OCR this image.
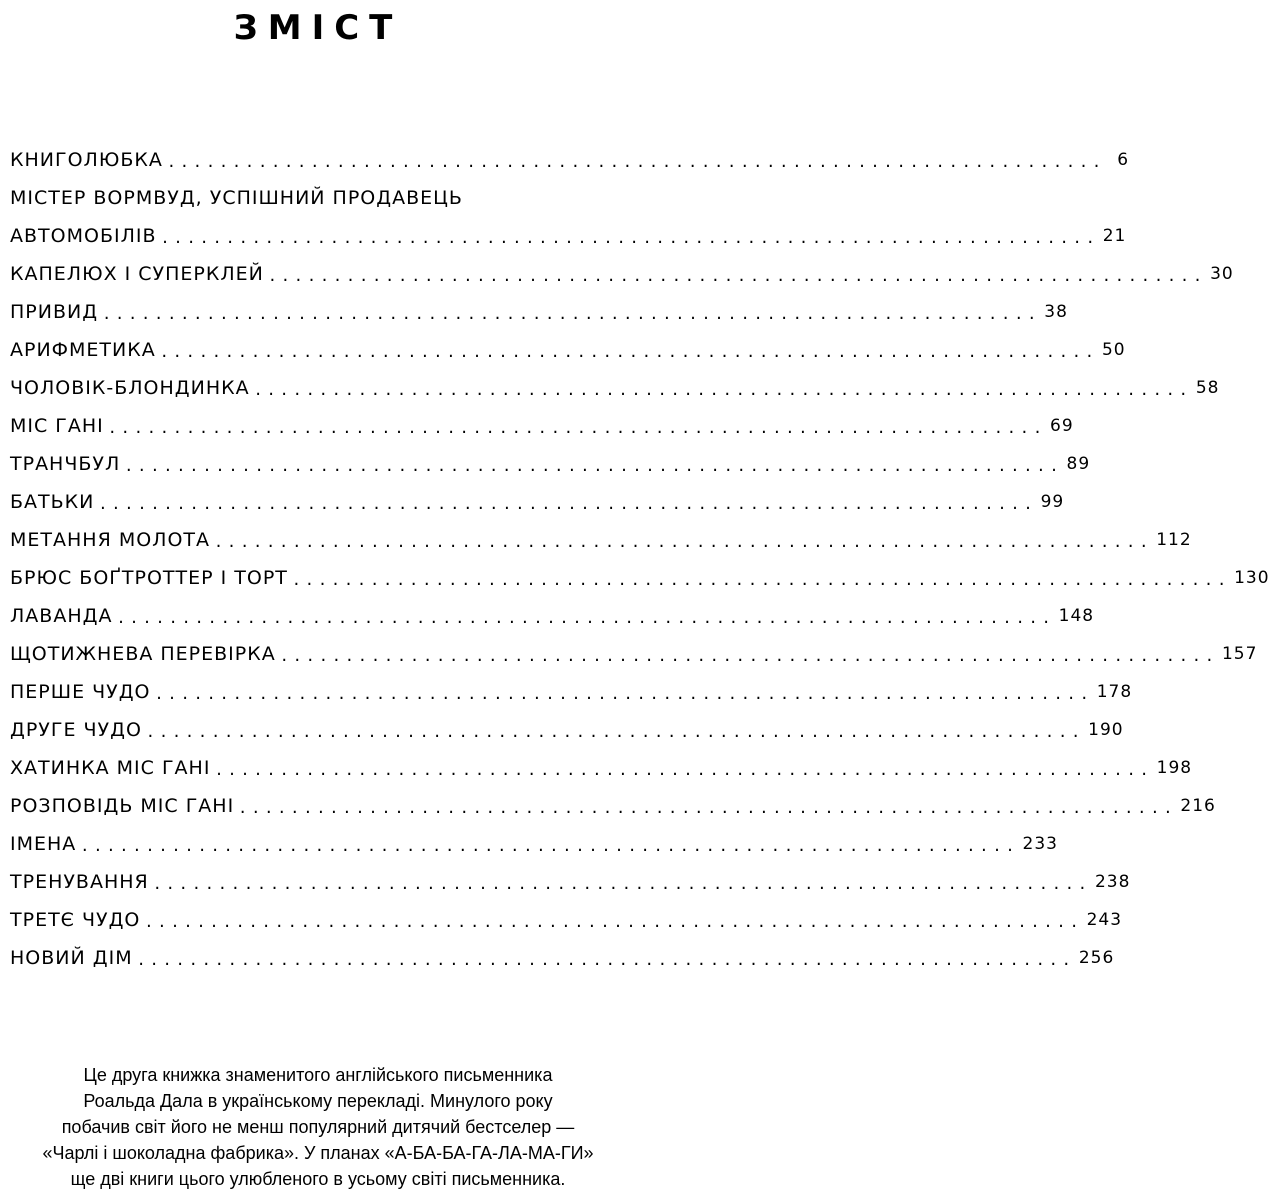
ЗМІСТ
КНИГОЛЮБКА ........................................................................ 6
МІСТЕР ВОРМВУД, УСПІШНИЙ ПРОДАВЕЦЬ
АВТОМОБІЛІВ ........................................................................ 21
КАПЕЛЮХ І СУПЕРКЛЕЙ ........................................................................ 30
ПРИВИД ........................................................................ 38
АРИФМЕТИКА ........................................................................ 50
ЧОЛОВІК-БЛОНДИНКА ........................................................................ 58
МІС ГАНІ ........................................................................ 69
ТРАНЧБУЛ ........................................................................ 89
БАТЬКИ ........................................................................ 99
МЕТАННЯ МОЛОТА ........................................................................ 112
БРЮС БОҐТРОТТЕР І ТОРТ ........................................................................ 130
ЛАВАНДА ........................................................................ 148
ЩОТИЖНЕВА ПЕРЕВІРКА ........................................................................ 157
ПЕРШЕ ЧУДО ........................................................................ 178
ДРУГЕ ЧУДО ........................................................................ 190
ХАТИНКА МІС ГАНІ ........................................................................ 198
РОЗПОВІДЬ МІС ГАНІ ........................................................................ 216
ІМЕНА ........................................................................ 233
ТРЕНУВАННЯ ........................................................................ 238
ТРЕТЄ ЧУДО ........................................................................ 243
НОВИЙ ДІМ ........................................................................ 256
Це друга книжка знаменитого англійського письменника
Роальда Дала в українському перекладі. Минулого року
побачив світ його не менш популярний дитячий бестселер —
«Чарлі і шоколадна фабрика». У планах «А-БА-БА-ГА-ЛА-МА-ГИ»
ще дві книги цього улюбленого в усьому світі письменника.
